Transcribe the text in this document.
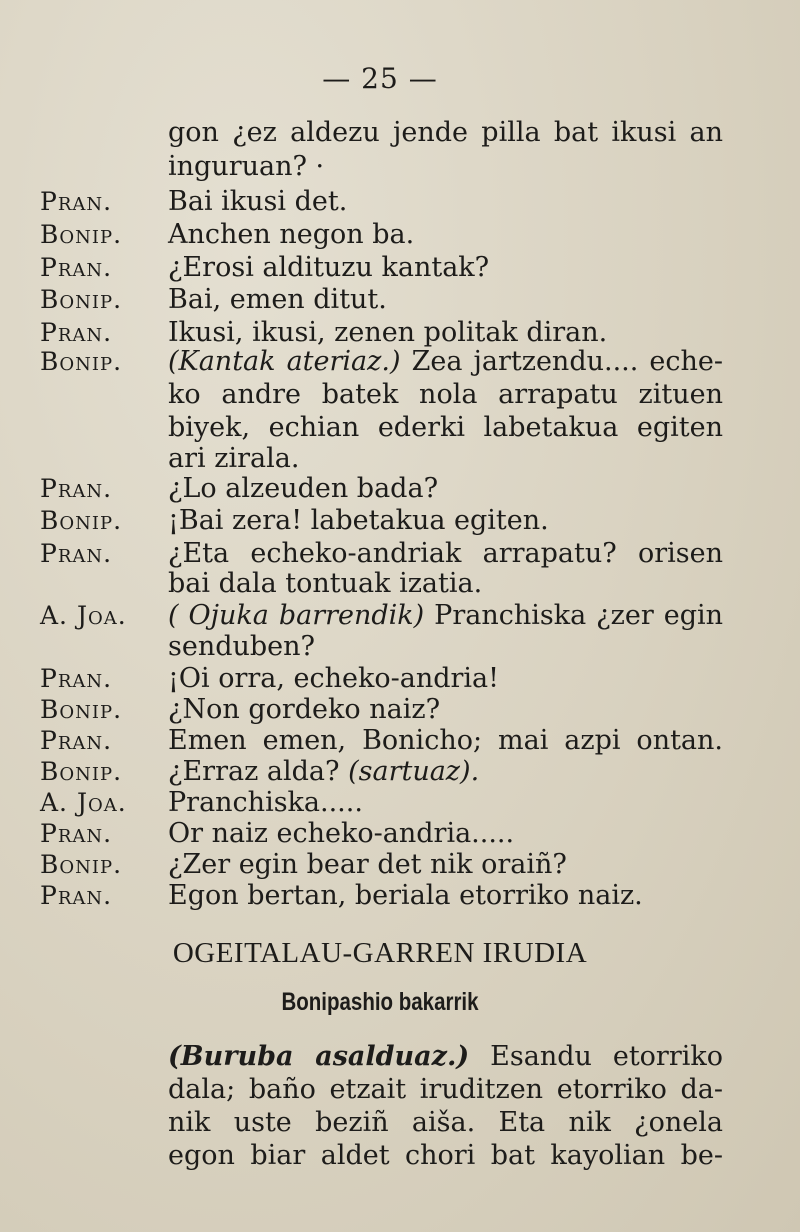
— 25 —
gon ¿ez aldezu jende pilla bat ikusi an
inguruan? ·
Pran. Bai ikusi det.
Bonip. Anchen negon ba.
Pran. ¿Erosi aldituzu kantak?
Bonip. Bai, emen ditut.
Pran. Ikusi, ikusi, zenen politak diran.
Bonip. (Kantak ateriaz.) Zea jartzendu.... eche-
ko andre batek nola arrapatu zituen
biyek, echian ederki labetakua egiten
ari zirala.
Pran. ¿Lo alzeuden bada?
Bonip. ¡Bai zera! labetakua egiten.
Pran. ¿Eta echeko-andriak arrapatu? orisen
bai dala tontuak izatia.
A. Joa. ( Ojuka barrendik) Pranchiska ¿zer egin
senduben?
Pran. ¡Oi orra, echeko-andria!
Bonip. ¿Non gordeko naiz?
Pran. Emen emen, Bonicho; mai azpi ontan.
Bonip. ¿Erraz alda? (sartuaz).
A. Joa. Pranchiska.....
Pran. Or naiz echeko-andria.....
Bonip. ¿Zer egin bear det nik oraiñ?
Pran. Egon bertan, beriala etorriko naiz.
OGEITALAU-GARREN IRUDIA
Bonipashio bakarrik
(Buruba asalduaz.) Esandu etorriko
dala; baño etzait iruditzen etorriko da-
nik uste beziñ aiša. Eta nik ¿onela
egon biar aldet chori bat kayolian be-
